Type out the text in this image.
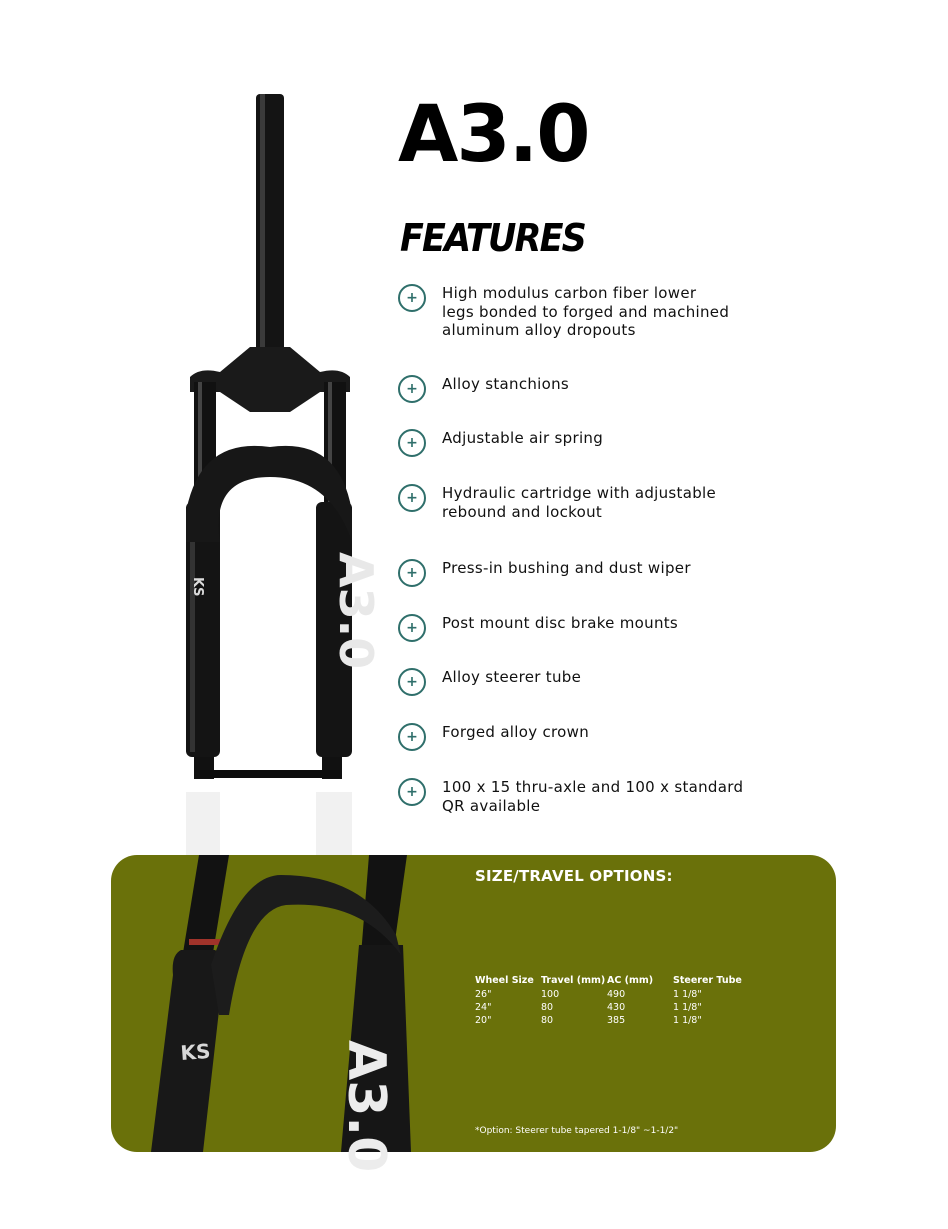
A3.0
KS
A3.0
FEATURES
+	High modulus carbon fiber lower
legs bonded to forged and machined
aluminum alloy dropouts
+	Alloy stanchions
+	Adjustable air spring
+	Hydraulic cartridge with adjustable
rebound and lockout
+	Press-in bushing and dust wiper
+	Post mount disc brake mounts
+	Alloy steerer tube
+	Forged alloy crown
+	100 x 15 thru-axle and 100 x standard
QR available
KS A3.0
SIZE/TRAVEL OPTIONS:
Wheel Size	Travel (mm)	AC (mm)	Steerer Tube
26"	100	490	1 1/8"
24"	80	430	1 1/8"
20"	80	385	1 1/8"
*Option: Steerer tube tapered 1-1/8" ~1-1/2"
